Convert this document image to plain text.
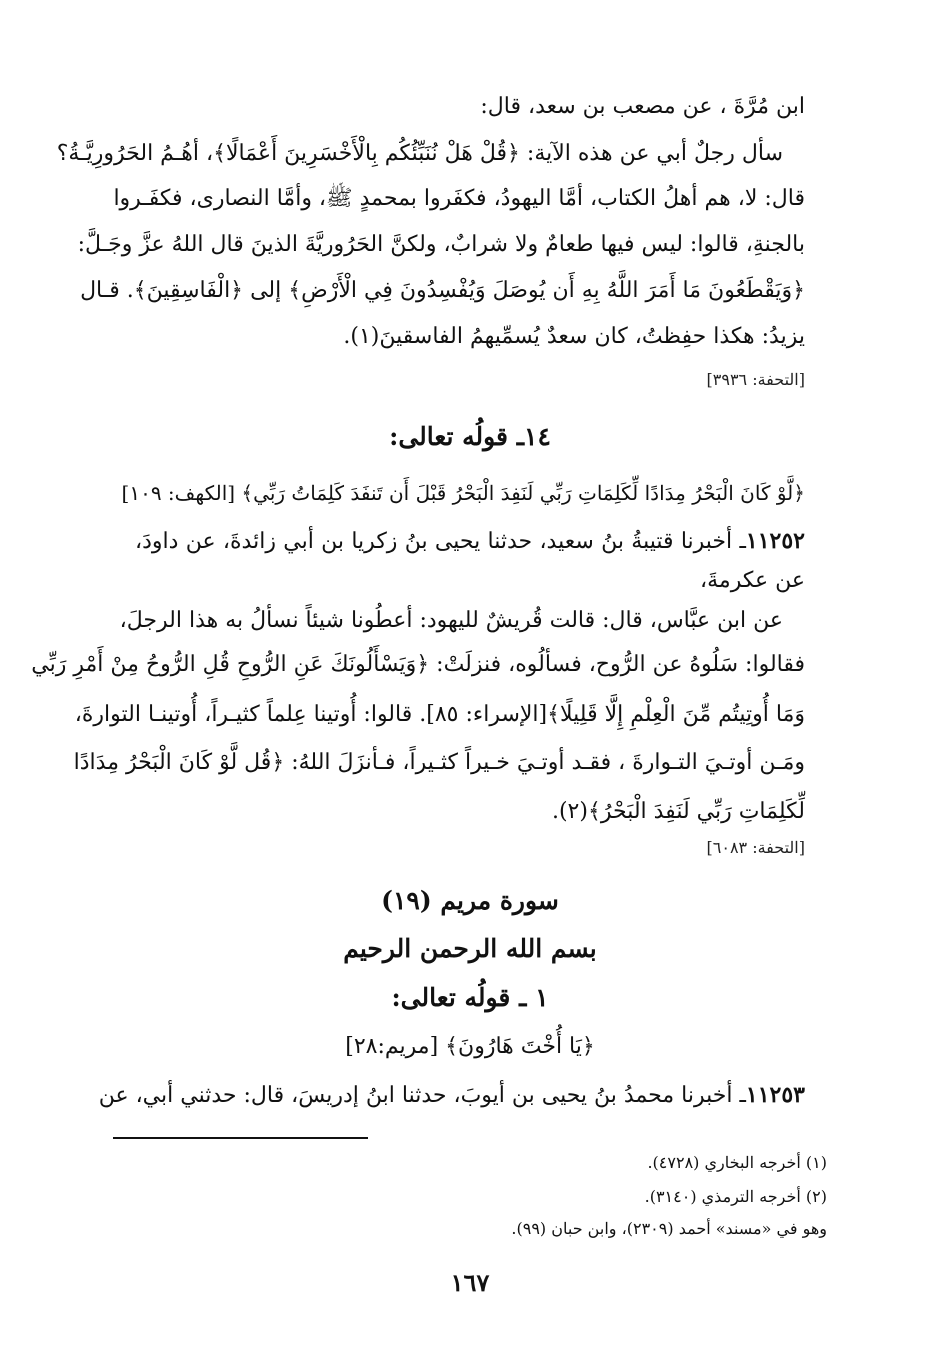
ابن مُرَّةَ ، عن مصعب بن سعد، قال:
سأل رجلٌ أبي عن هذه الآية: ﴿قُلْ هَلْ نُنَبِّئُكُم بِالْأَخْسَرِينَ أَعْمَالًا﴾، أهُـمُ الحَرُورِيَّـةُ؟
قال: لا، هم أهلُ الكتاب، أمَّا اليهودُ، فكفَروا بمحمدٍ ﷺ، وأمَّا النصارى، فكفَـروا
بالجنةِ، قالوا: ليس فيها طعامٌ ولا شرابٌ، ولكنَّ الحَرُوريَّةَ الذينَ قال اللهُ عزَّ وجَـلَّ:
﴿وَيَقْطَعُونَ مَا أَمَرَ اللَّهُ بِهِ أَن يُوصَلَ وَيُفْسِدُونَ فِي الْأَرْضِ﴾ إلى ﴿الْفَاسِقِينَ﴾. قـال
يزيدُ: هكذا حفِظتُ، كان سعدٌ يُسمِّيهمُ الفاسقينَ(١).
[التحفة: ٣٩٣٦]
١٤ـ قولُه تعالى:
﴿لَّوْ كَانَ الْبَحْرُ مِدَادًا لِّكَلِمَاتِ رَبِّي لَنَفِدَ الْبَحْرُ قَبْلَ أَن تَنفَدَ كَلِمَاتُ رَبِّي﴾ [الكهف: ١٠٩]
١١٢٥٢ـ أخبرنا قتيبةُ بنُ سعيد، حدثنا يحيى بنُ زكريا بن أبي زائدةَ، عن داودَ،
عن عكرمةَ،
عن ابن عبَّاس، قال: قالت قُريشٌ لليهود: أعطُونا شيئاً نسألُ به هذا الرجلَ،
فقالوا: سَلُوهُ عن الرُّوح، فسألُوه، فنزلَتْ: ﴿وَيَسْأَلُونَكَ عَنِ الرُّوحِ قُلِ الرُّوحُ مِنْ أَمْرِ رَبِّي
وَمَا أُوتِيتُم مِّنَ الْعِلْمِ إِلَّا قَلِيلًا﴾[الإسراء: ٨٥]. قالوا: أُوتينا عِلماً كثيـراً، أُوتينـا التوارةَ،
ومَـن أوتـيَ التـوارةَ ، فقـد أوتـيَ خـيراً كثـيراً، فـأنزَلَ اللهُ: ﴿قُل لَّوْ كَانَ الْبَحْرُ مِدَادًا
لِّكَلِمَاتِ رَبِّي لَنَفِدَ الْبَحْرُ﴾(٢).
[التحفة: ٦٠٨٣]
سورة مريم (١٩)
بسم الله الرحمن الرحيم
١ ـ قولُه تعالى:
﴿يَا أُخْتَ هَارُونَ﴾ [مريم:٢٨]
١١٢٥٣ـ أخبرنا محمدُ بنُ يحيى بن أيوبَ، حدثنا ابنُ إدريسَ، قال: حدثني أبي، عن
(١) أخرجه البخاري (٤٧٢٨).
(٢) أخرجه الترمذي (٣١٤٠).
وهو في «مسند» أحمد (٢٣٠٩)، وابن حبان (٩٩).
١٦٧
